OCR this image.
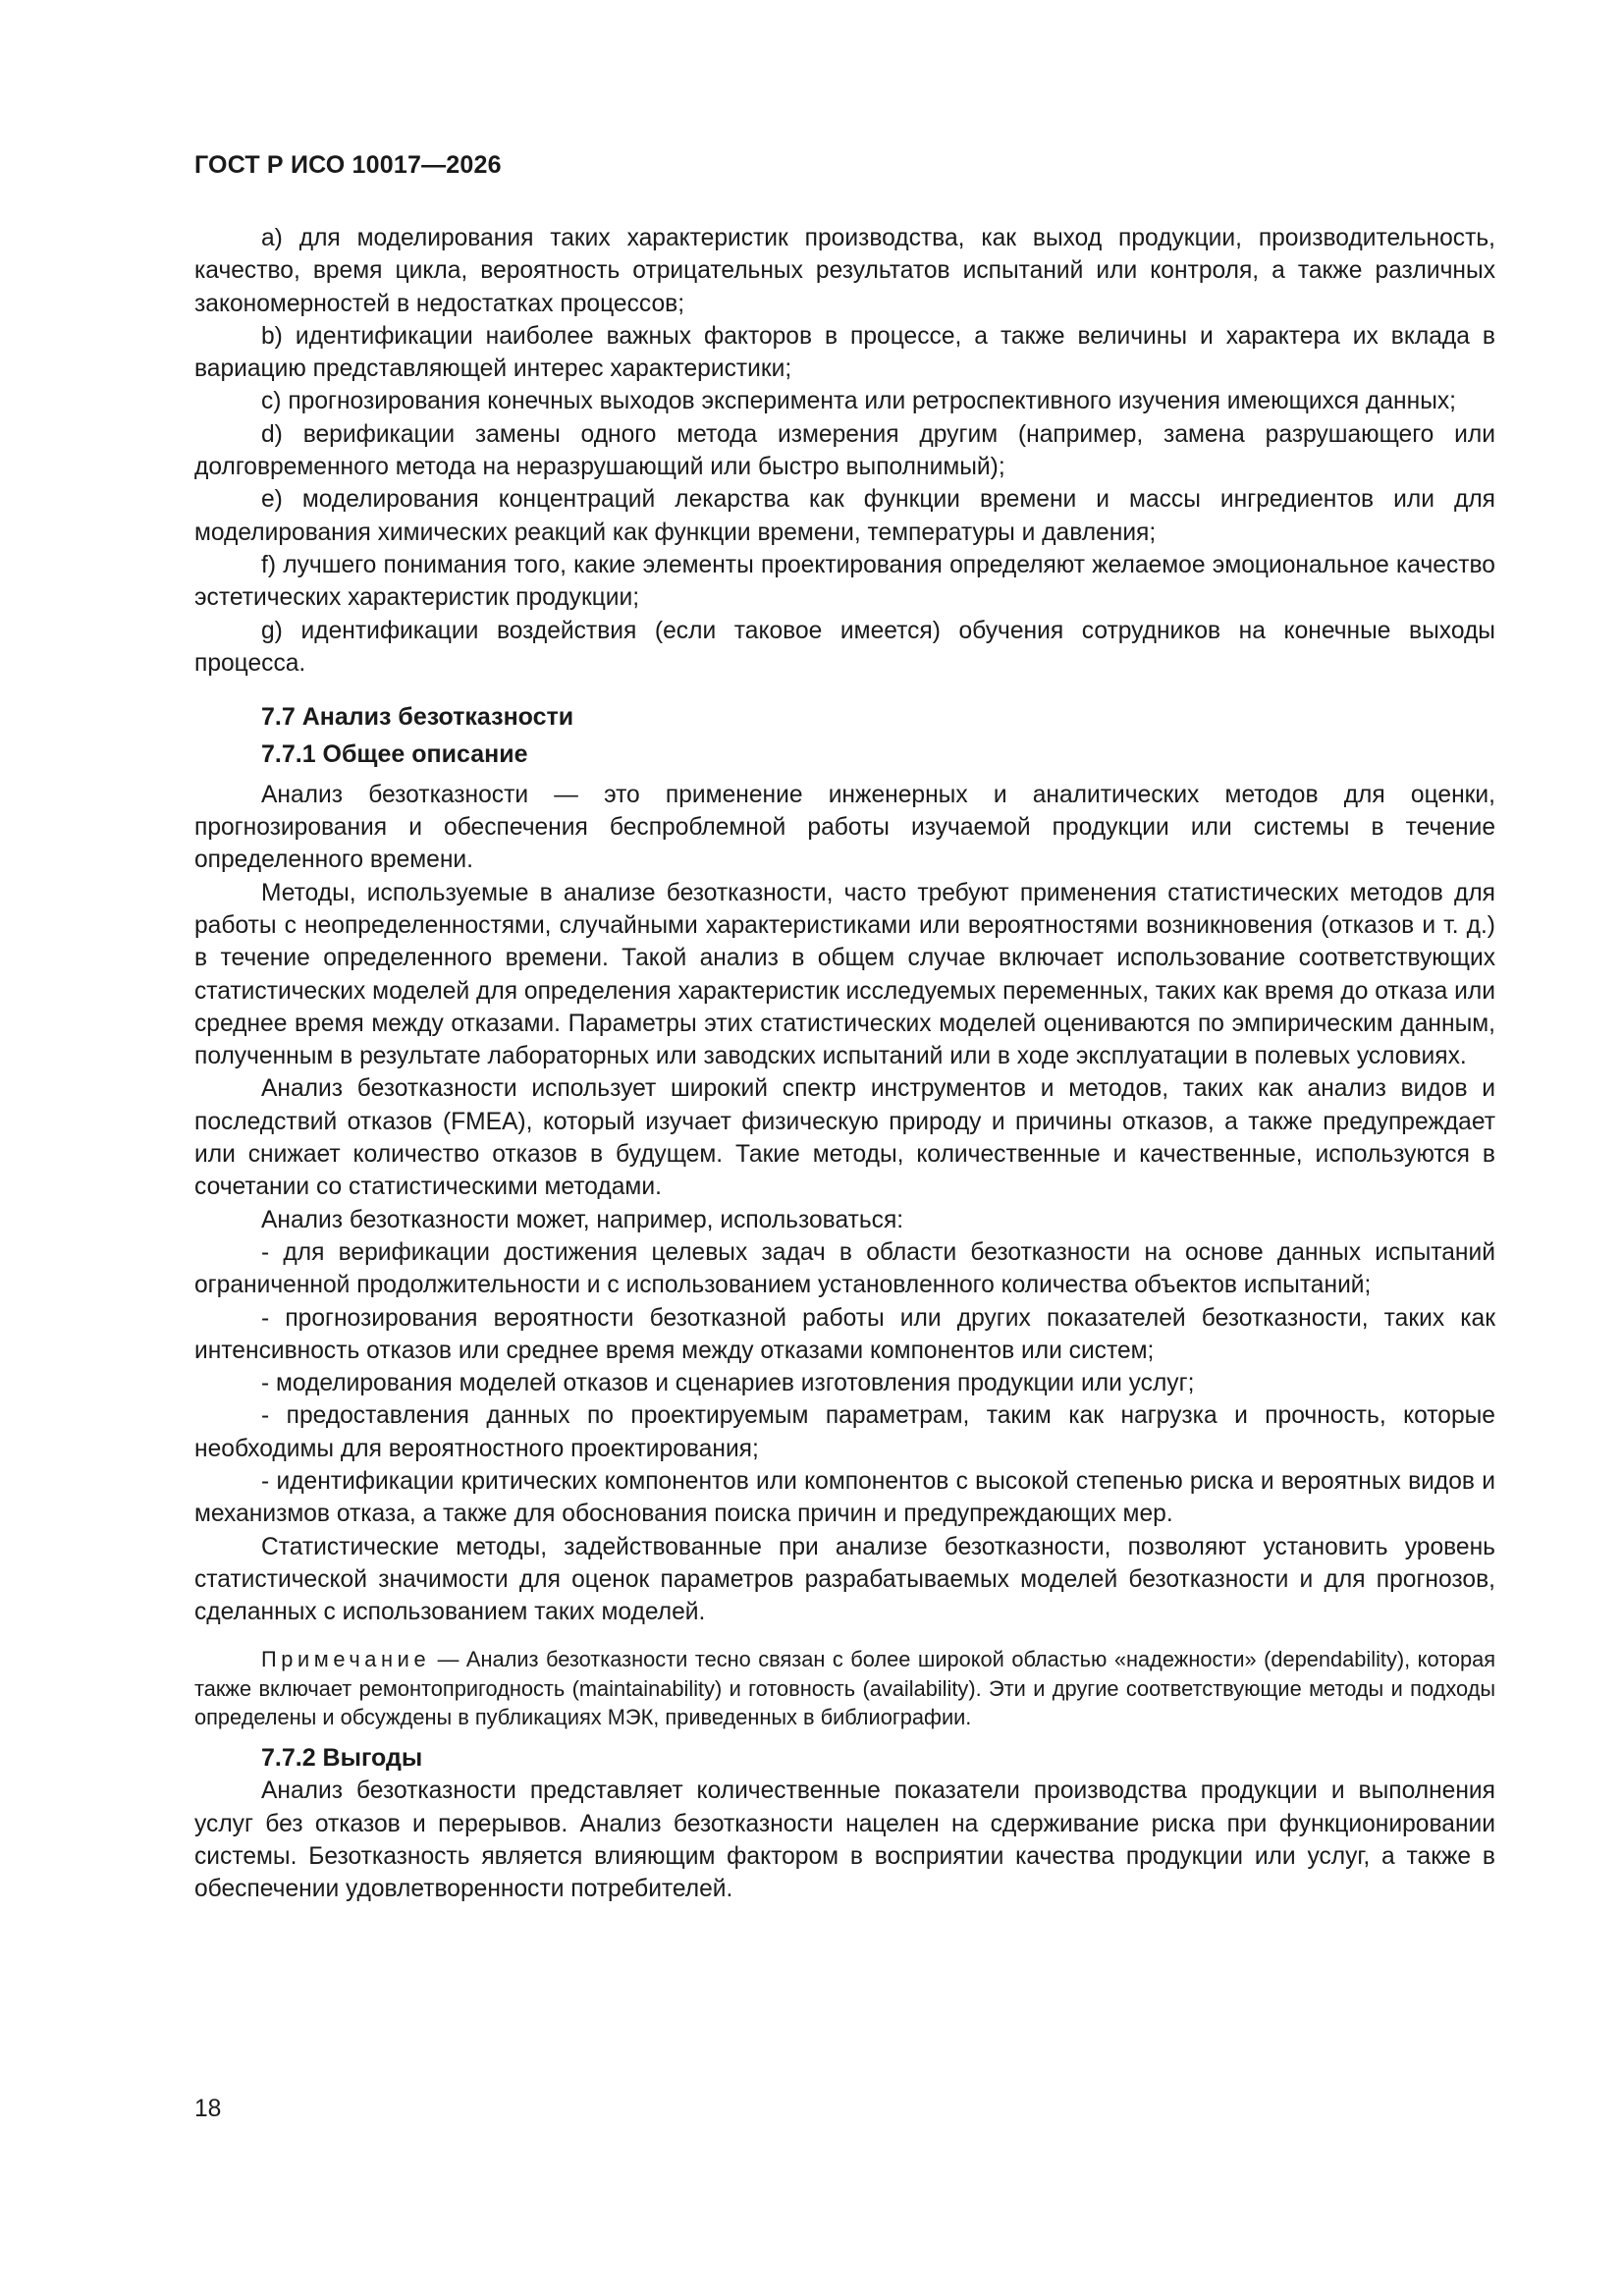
ГОСТ Р ИСО 10017—2026

a) для моделирования таких характеристик производства, как выход продукции, производительность, качество, время цикла, вероятность отрицательных результатов испытаний или контроля, а также различных закономерностей в недостатках процессов;

b) идентификации наиболее важных факторов в процессе, а также величины и характера их вклада в вариацию представляющей интерес характеристики;

c) прогнозирования конечных выходов эксперимента или ретроспективного изучения имеющихся данных;

d) верификации замены одного метода измерения другим (например, замена разрушающего или долговременного метода на неразрушающий или быстро выполнимый);

e) моделирования концентраций лекарства как функции времени и массы ингредиентов или для моделирования химических реакций как функции времени, температуры и давления;

f) лучшего понимания того, какие элементы проектирования определяют желаемое эмоциональное качество эстетических характеристик продукции;

g) идентификации воздействия (если таковое имеется) обучения сотрудников на конечные выходы процесса.

7.7 Анализ безотказности
7.7.1 Общее описание

Анализ безотказности — это применение инженерных и аналитических методов для оценки, прогнозирования и обеспечения беспроблемной работы изучаемой продукции или системы в течение определенного времени.

Методы, используемые в анализе безотказности, часто требуют применения статистических методов для работы с неопределенностями, случайными характеристиками или вероятностями возникновения (отказов и т. д.) в течение определенного времени. Такой анализ в общем случае включает использование соответствующих статистических моделей для определения характеристик исследуемых переменных, таких как время до отказа или среднее время между отказами. Параметры этих статистических моделей оцениваются по эмпирическим данным, полученным в результате лабораторных или заводских испытаний или в ходе эксплуатации в полевых условиях.

Анализ безотказности использует широкий спектр инструментов и методов, таких как анализ видов и последствий отказов (FMEA), который изучает физическую природу и причины отказов, а также предупреждает или снижает количество отказов в будущем. Такие методы, количественные и качественные, используются в сочетании со статистическими методами.

Анализ безотказности может, например, использоваться:

- для верификации достижения целевых задач в области безотказности на основе данных испытаний ограниченной продолжительности и с использованием установленного количества объектов испытаний;

- прогнозирования вероятности безотказной работы или других показателей безотказности, таких как интенсивность отказов или среднее время между отказами компонентов или систем;

- моделирования моделей отказов и сценариев изготовления продукции или услуг;

- предоставления данных по проектируемым параметрам, таким как нагрузка и прочность, которые необходимы для вероятностного проектирования;

- идентификации критических компонентов или компонентов с высокой степенью риска и вероятных видов и механизмов отказа, а также для обоснования поиска причин и предупреждающих мер.

Статистические методы, задействованные при анализе безотказности, позволяют установить уровень статистической значимости для оценок параметров разрабатываемых моделей безотказности и для прогнозов, сделанных с использованием таких моделей.

Примечание — Анализ безотказности тесно связан с более широкой областью «надежности» (dependability), которая также включает ремонтопригодность (maintainability) и готовность (availability). Эти и другие соответствующие методы и подходы определены и обсуждены в публикациях МЭК, приведенных в библиографии.
7.7.2 Выгоды

Анализ безотказности представляет количественные показатели производства продукции и выполнения услуг без отказов и перерывов. Анализ безотказности нацелен на сдерживание риска при функционировании системы. Безотказность является влияющим фактором в восприятии качества продукции или услуг, а также в обеспечении удовлетворенности потребителей.

18
